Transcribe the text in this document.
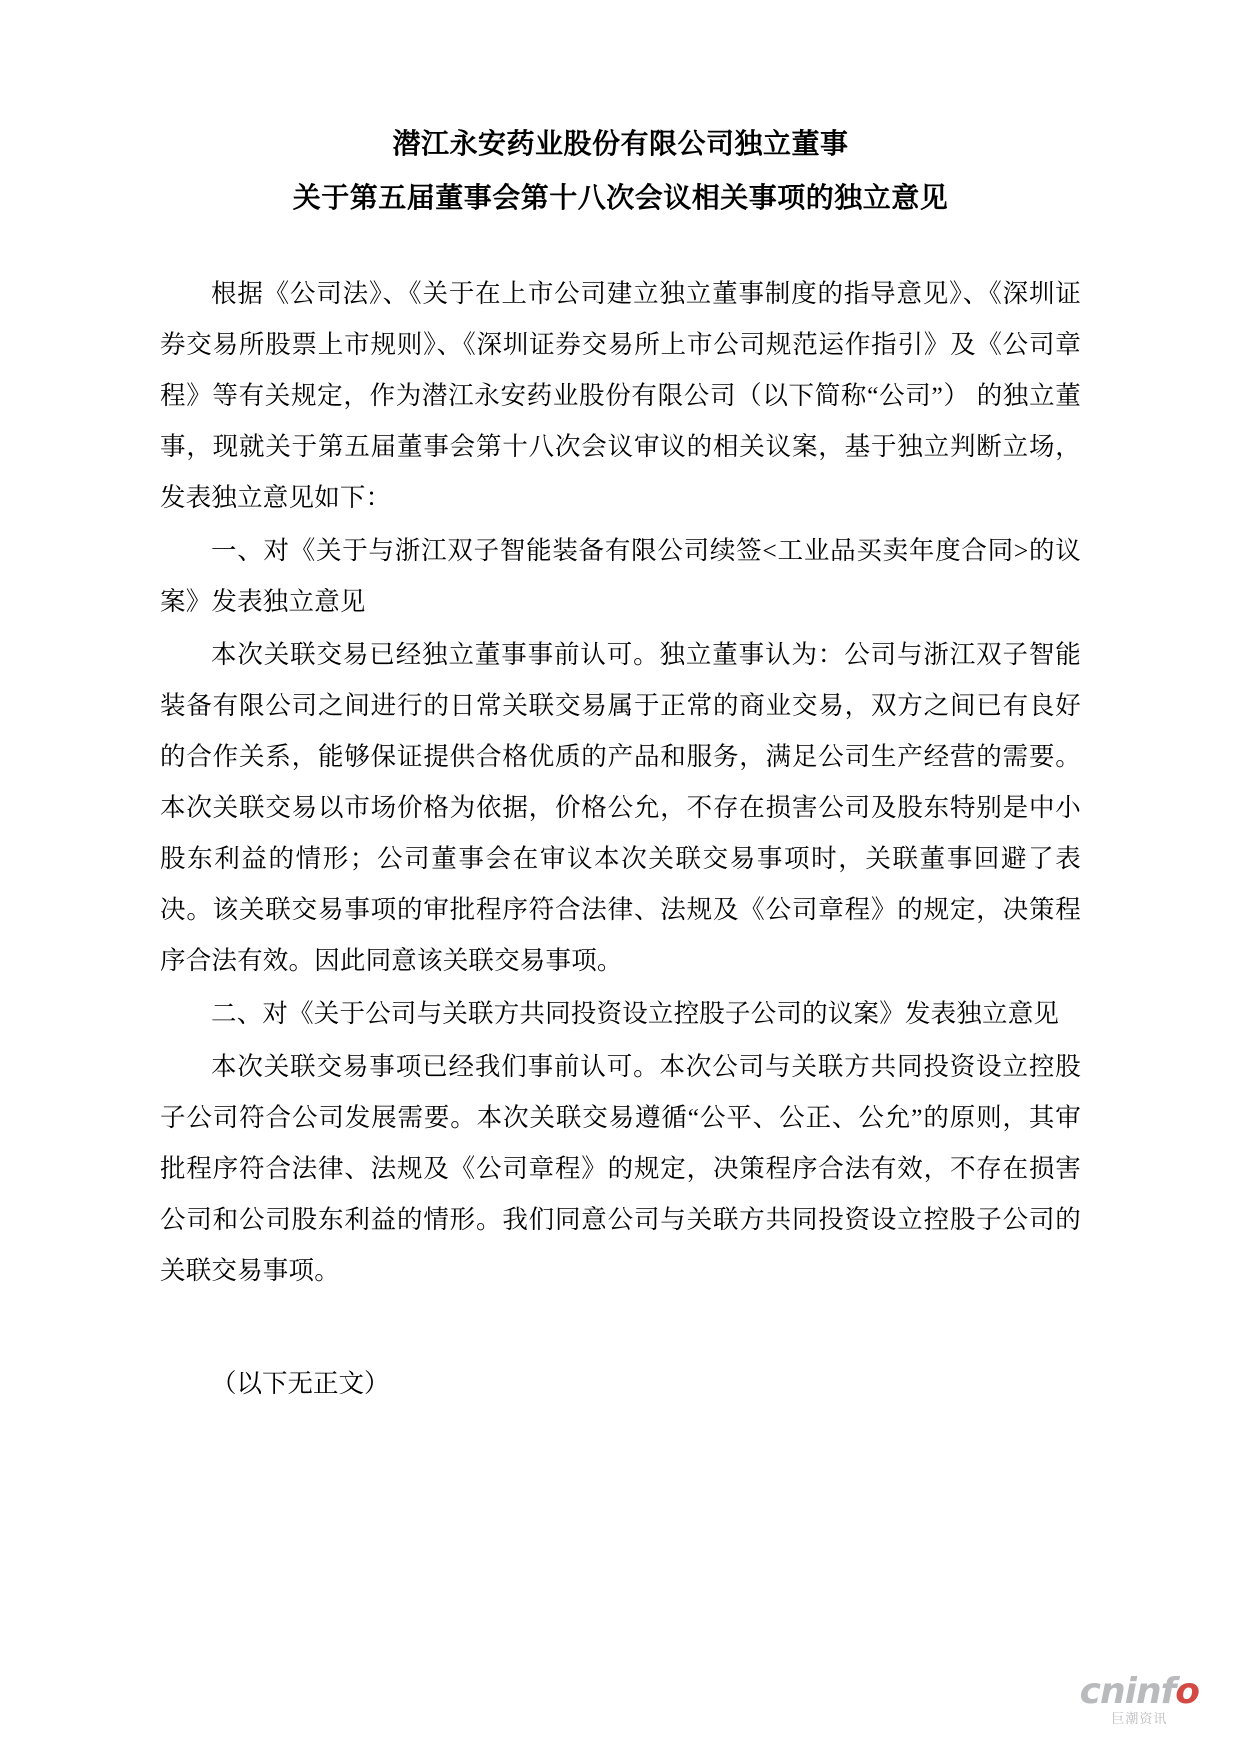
潜江永安药业股份有限公司独立董事
关于第五届董事会第十八次会议相关事项的独立意见

根据《公司法》、《关于在上市公司建立独立董事制度的指导意见》、《深圳证券交易所股票上市规则》、《深圳证券交易所上市公司规范运作指引》及《公司章程》等有关规定，作为潜江永安药业股份有限公司（以下简称“公司”） 的独立董事，现就关于第五届董事会第十八次会议审议的相关议案，基于独立判断立场，发表独立意见如下：

一、对《关于与浙江双子智能装备有限公司续签<工业品买卖年度合同>的议案》发表独立意见

本次关联交易已经独立董事事前认可。独立董事认为：公司与浙江双子智能装备有限公司之间进行的日常关联交易属于正常的商业交易，双方之间已有良好的合作关系，能够保证提供合格优质的产品和服务，满足公司生产经营的需要。本次关联交易以市场价格为依据，价格公允，不存在损害公司及股东特别是中小股东利益的情形；公司董事会在审议本次关联交易事项时，关联董事回避了表决。该关联交易事项的审批程序符合法律、法规及《公司章程》的规定，决策程序合法有效。因此同意该关联交易事项。

二、对《关于公司与关联方共同投资设立控股子公司的议案》发表独立意见

本次关联交易事项已经我们事前认可。本次公司与关联方共同投资设立控股子公司符合公司发展需要。本次关联交易遵循“公平、公正、公允”的原则，其审批程序符合法律、法规及《公司章程》的规定，决策程序合法有效，不存在损害公司和公司股东利益的情形。我们同意公司与关联方共同投资设立控股子公司的关联交易事项。

（以下无正文）
cninfo
巨潮资讯
